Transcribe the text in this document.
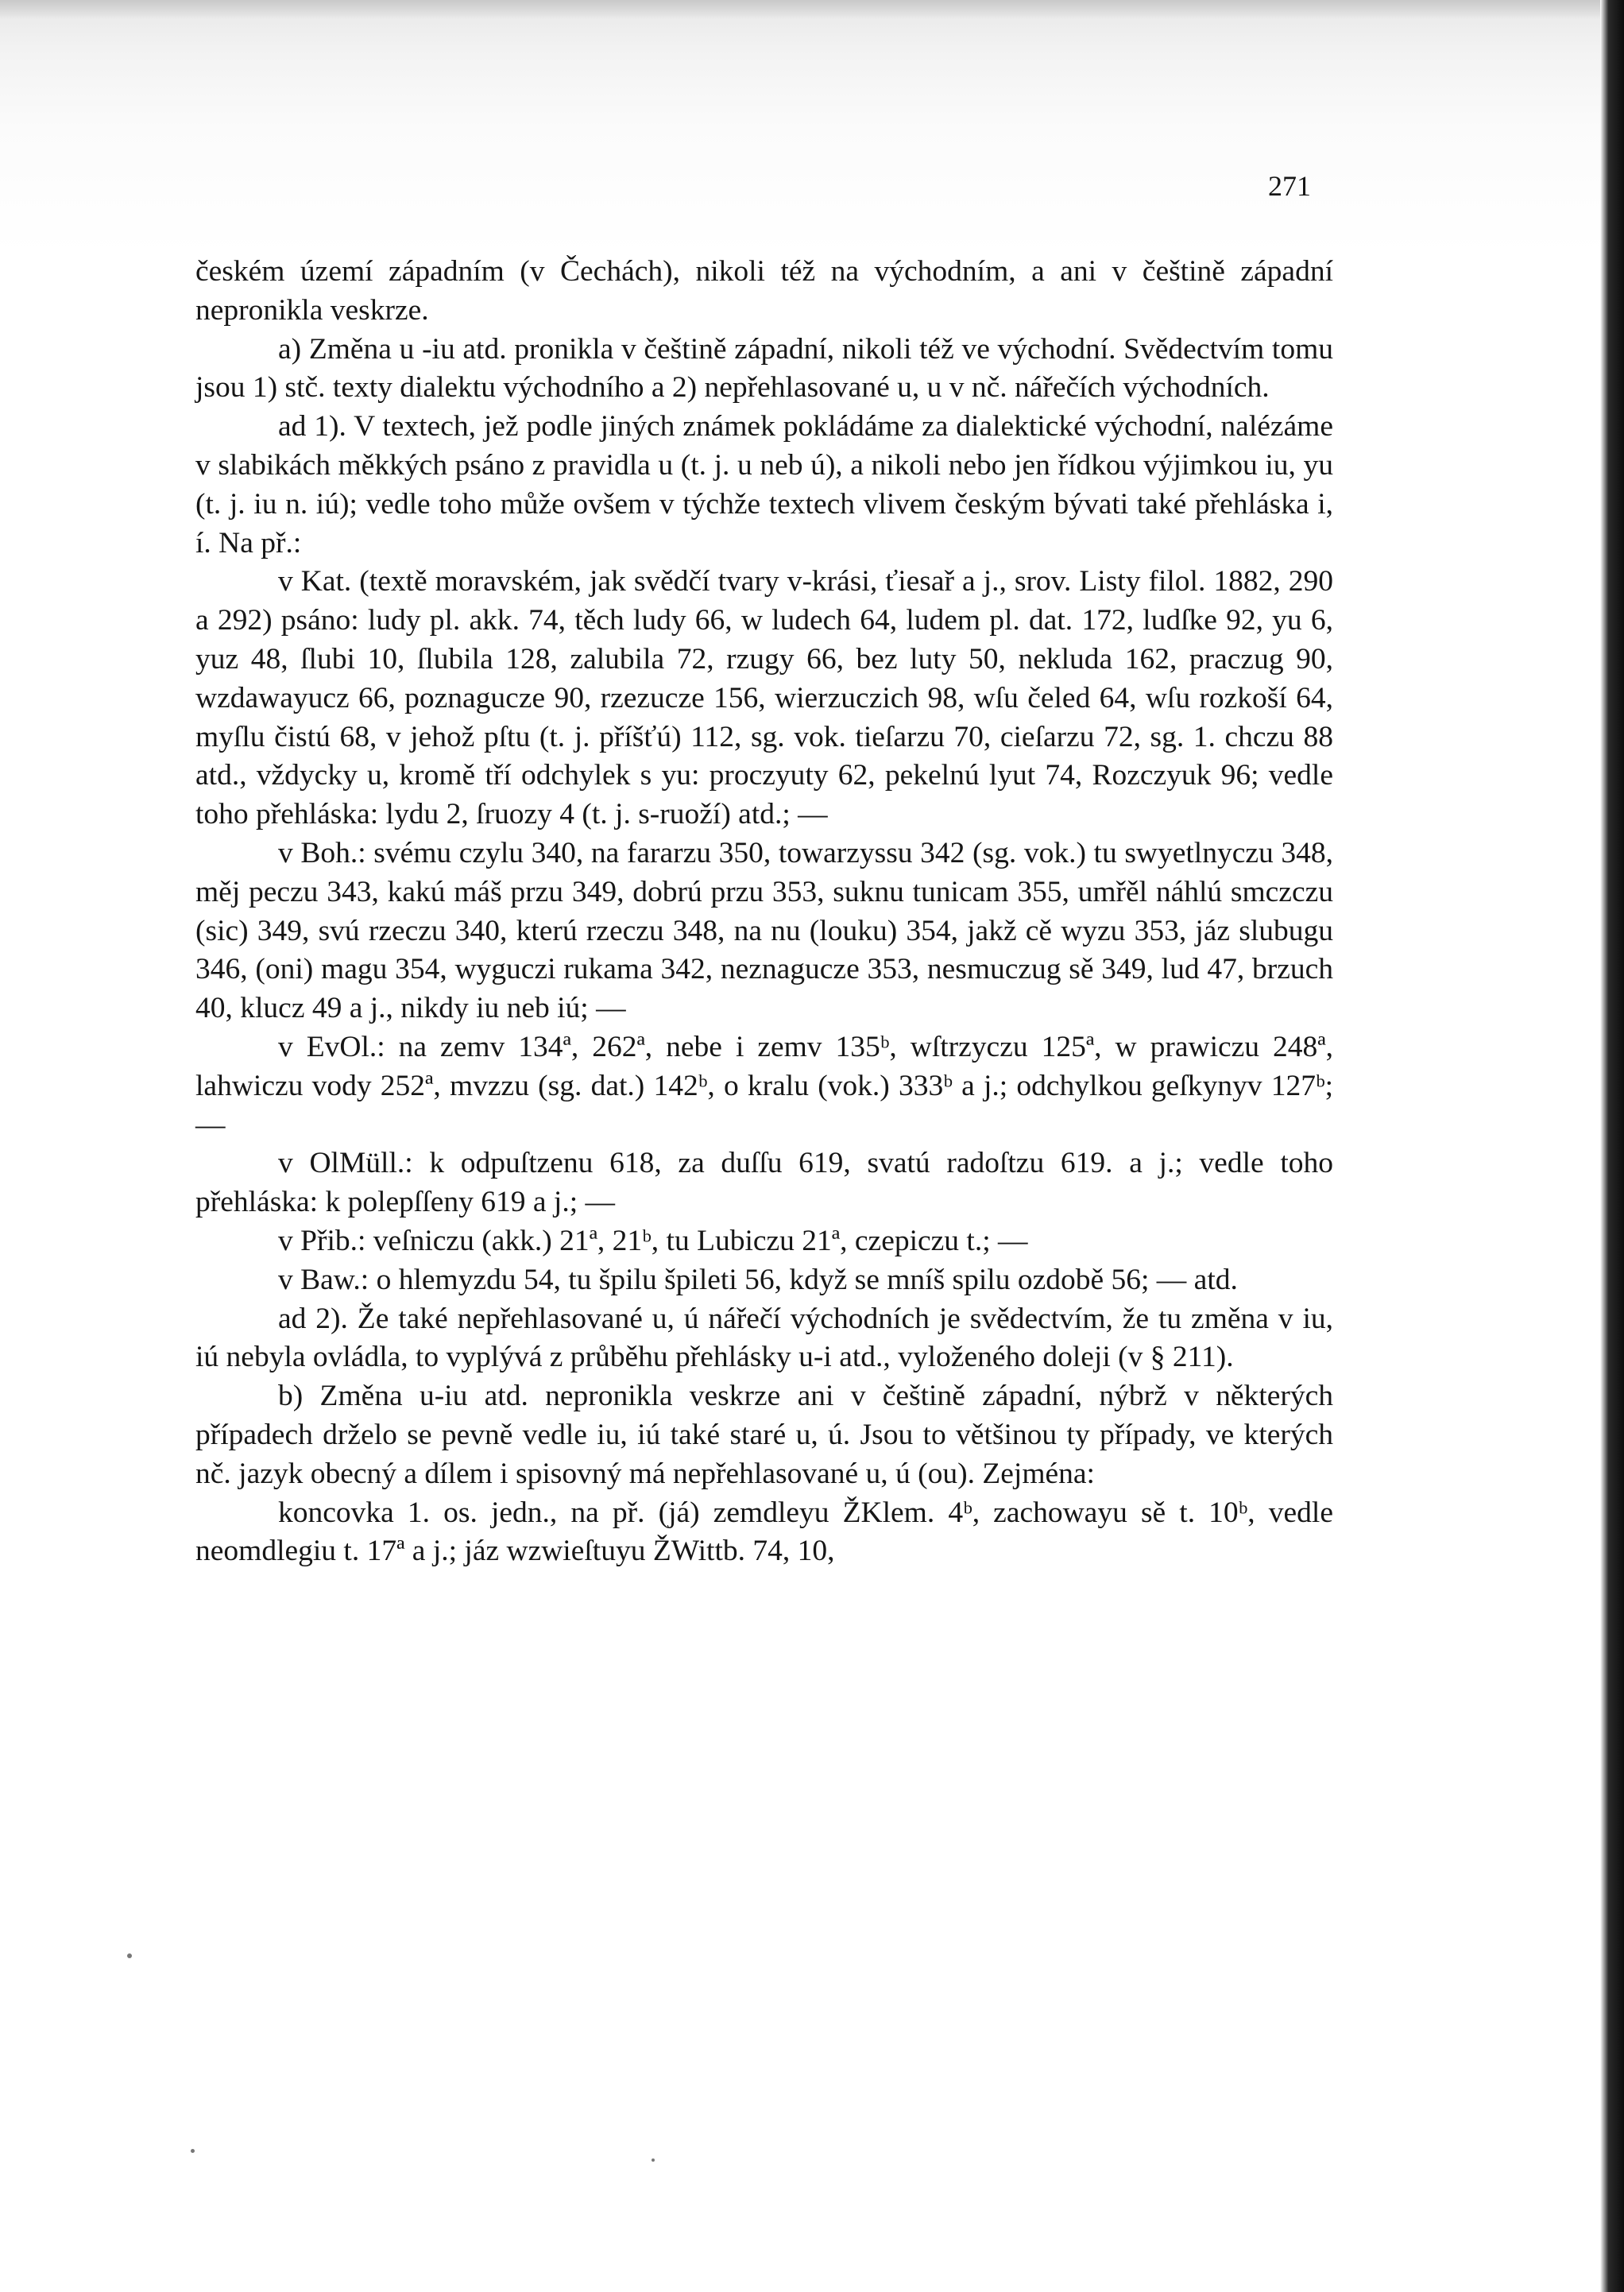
271

českém území západním (v Čechách), nikoli též na východním, a ani v češtině západní nepronikla veskrze.

a) Změna u -iu atd. pronikla v češtině západní, nikoli též ve východní. Svědectvím tomu jsou 1) stč. texty dialektu východního a 2) nepřehlasované u, u v nč. nářečích východních.

ad 1). V textech, jež podle jiných známek pokládáme za dialektické východní, nalézáme v slabikách měkkých psáno z pravidla u (t. j. u neb ú), a nikoli nebo jen řídkou výjimkou iu, yu (t. j. iu n. iú); vedle toho může ovšem v týchže textech vlivem českým bývati také přehláska i, í. Na př.:

v Kat. (textě moravském, jak svědčí tvary v-krási, ťiesař a j., srov. Listy filol. 1882, 290 a 292) psáno: ludy pl. akk. 74, těch ludy 66, w ludech 64, ludem pl. dat. 172, ludſke 92, yu 6, yuz 48, ſlubi 10, ſlubila 128, zalubila 72, rzugy 66, bez luty 50, nekluda 162, praczug 90, wzdawayucz 66, poznagucze 90, rzezucze 156, wierzuczich 98, wſu čeled 64, wſu rozkoší 64, myſlu čistú 68, v jehož pſtu (t. j. příšťú) 112, sg. vok. tieſarzu 70, cieſarzu 72, sg. 1. chczu 88 atd., vždycky u, kromě tří odchylek s yu: proczyuty 62, pekelnú lyut 74, Rozczyuk 96; vedle toho přehláska: lydu 2, ſruozy 4 (t. j. s-ruoží) atd.; —

v Boh.: svému czylu 340, na fararzu 350, towarzyssu 342 (sg. vok.) tu swyetlnyczu 348, měj peczu 343, kakú máš przu 349, dobrú przu 353, suknu tunicam 355, umřěl náhlú smczczu (sic) 349, svú rzeczu 340, kterú rzeczu 348, na nu (louku) 354, jakž cě wyzu 353, jáz slubugu 346, (oni) magu 354, wyguczi rukama 342, neznagucze 353, nesmuczug sě 349, lud 47, brzuch 40, klucz 49 a j., nikdy iu neb iú; —

v EvOl.: na zemv 134ª, 262ª, nebe i zemv 135ᵇ, wſtrzyczu 125ª, w prawiczu 248ª, lahwiczu vody 252ª, mvzzu (sg. dat.) 142ᵇ, o kralu (vok.) 333ᵇ a j.; odchylkou geſkynyv 127ᵇ; —

v OlMüll.: k odpuſtzenu 618, za duſſu 619, svatú radoſtzu 619. a j.; vedle toho přehláska: k polepſſeny 619 a j.; —

v Přib.: veſniczu (akk.) 21ª, 21ᵇ, tu Lubiczu 21ª, czepiczu t.; —

v Baw.: o hlemyzdu 54, tu špilu špileti 56, když se mníš spilu ozdobě 56; — atd.

ad 2). Že také nepřehlasované u, ú nářečí východních je svědectvím, že tu změna v iu, iú nebyla ovládla, to vyplývá z průběhu přehlásky u-i atd., vyloženého doleji (v § 211).

b) Změna u-iu atd. nepronikla veskrze ani v češtině západní, nýbrž v některých případech drželo se pevně vedle iu, iú také staré u, ú. Jsou to většinou ty případy, ve kterých nč. jazyk obecný a dílem i spisovný má nepřehlasované u, ú (ou). Zejména:

koncovka 1. os. jedn., na př. (já) zemdleyu ŽKlem. 4ᵇ, zachowayu sě t. 10ᵇ, vedle neomdlegiu t. 17ª a j.; jáz wzwieſtuyu ŽWittb. 74, 10,
